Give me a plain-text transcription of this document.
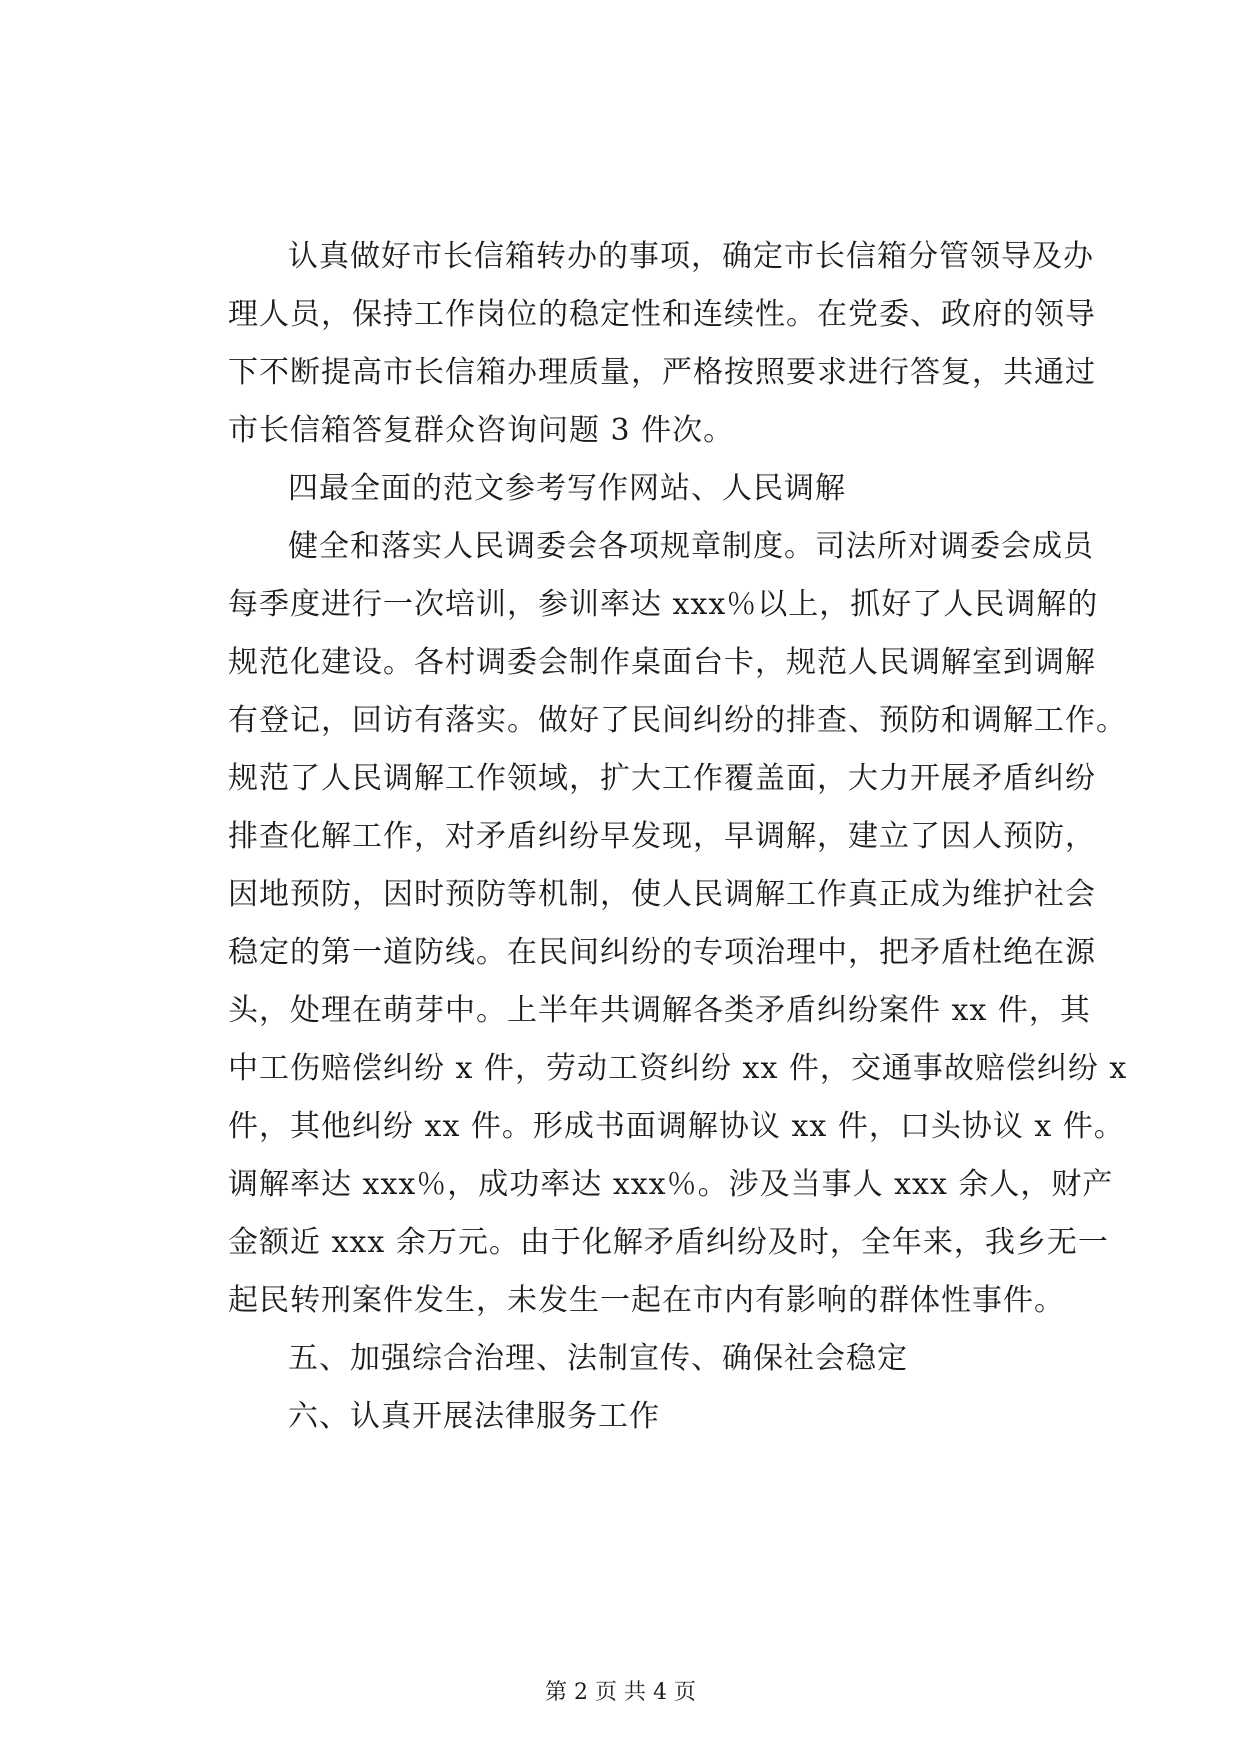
认真做好市长信箱转办的事项，确定市长信箱分管领导及办
理人员，保持工作岗位的稳定性和连续性。在党委、政府的领导
下不断提高市长信箱办理质量，严格按照要求进行答复，共通过
市长信箱答复群众咨询问题 3 件次。
四最全面的范文参考写作网站、人民调解
健全和落实人民调委会各项规章制度。司法所对调委会成员
每季度进行一次培训，参训率达 xxx％以上，抓好了人民调解的
规范化建设。各村调委会制作桌面台卡，规范人民调解室到调解
有登记，回访有落实。做好了民间纠纷的排查、预防和调解工作。
规范了人民调解工作领域，扩大工作覆盖面，大力开展矛盾纠纷
排查化解工作，对矛盾纠纷早发现，早调解，建立了因人预防，
因地预防，因时预防等机制，使人民调解工作真正成为维护社会
稳定的第一道防线。在民间纠纷的专项治理中，把矛盾杜绝在源
头，处理在萌芽中。上半年共调解各类矛盾纠纷案件 xx 件，其
中工伤赔偿纠纷 x 件，劳动工资纠纷 xx 件，交通事故赔偿纠纷 x
件，其他纠纷 xx 件。形成书面调解协议 xx 件，口头协议 x 件。
调解率达 xxx％，成功率达 xxx％。涉及当事人 xxx 余人，财产
金额近 xxx 余万元。由于化解矛盾纠纷及时，全年来，我乡无一
起民转刑案件发生，未发生一起在市内有影响的群体性事件。
五、加强综合治理、法制宣传、确保社会稳定
六、认真开展法律服务工作
第 2 页 共 4 页
